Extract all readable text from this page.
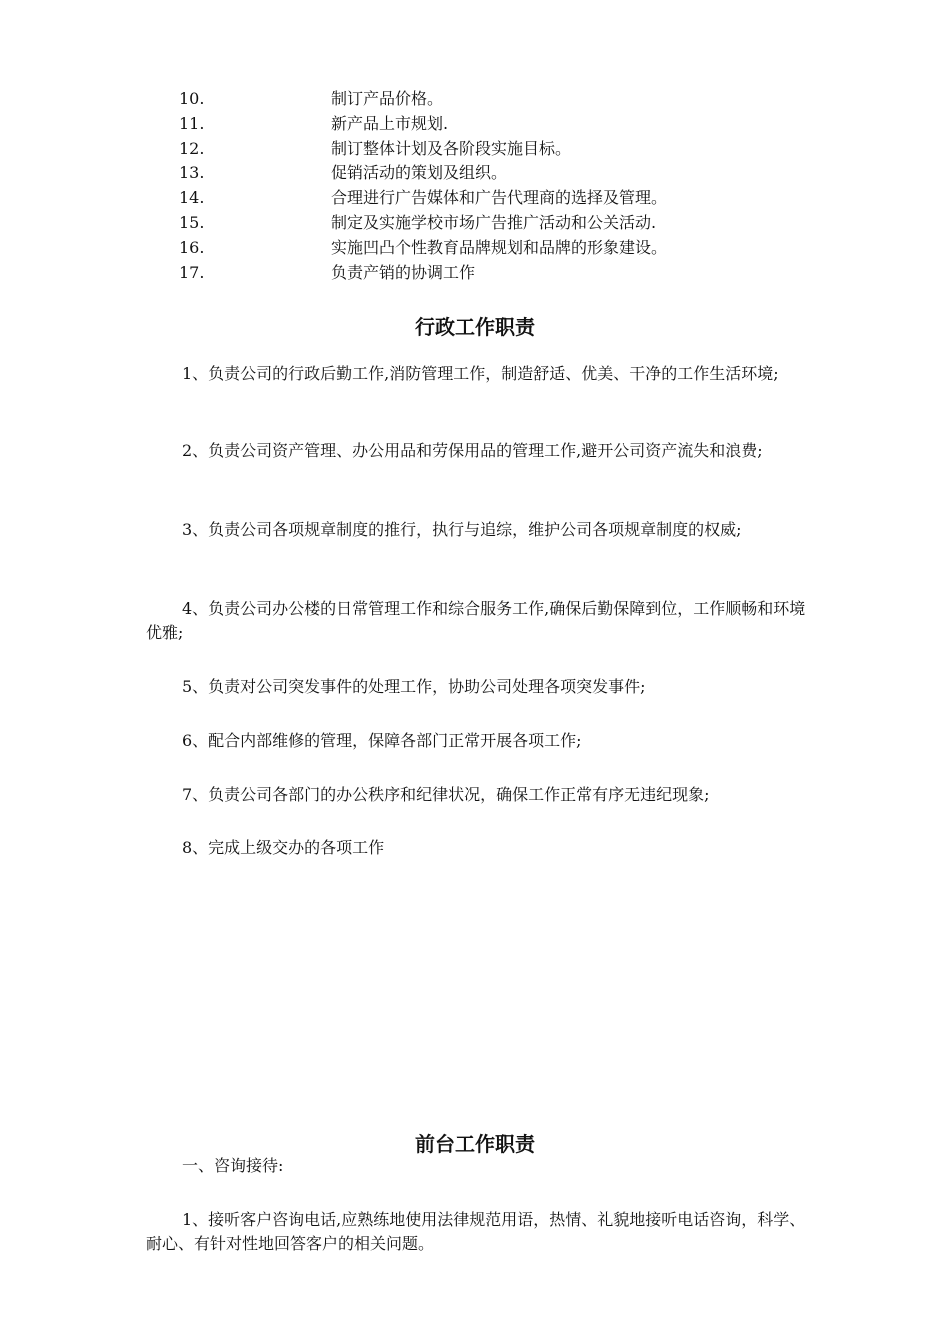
10.	制订产品价格。
11.	新产品上市规划.
12.	制订整体计划及各阶段实施目标。
13.	促销活动的策划及组织。
14.	合理进行广告媒体和广告代理商的选择及管理。
15.	制定及实施学校市场广告推广活动和公关活动.
16.	实施凹凸个性教育品牌规划和品牌的形象建设。
17.	负责产销的协调工作
行政工作职责

1、负责公司的行政后勤工作,消防管理工作，制造舒适、优美、干净的工作生活环境;

2、负责公司资产管理、办公用品和劳保用品的管理工作,避开公司资产流失和浪费;

3、负责公司各项规章制度的推行，执行与追综，维护公司各项规章制度的权威;

4、负责公司办公楼的日常管理工作和综合服务工作,确保后勤保障到位，工作顺畅和环境优雅;

5、负责对公司突发事件的处理工作，协助公司处理各项突发事件;

6、配合内部维修的管理，保障各部门正常开展各项工作;

7、负责公司各部门的办公秩序和纪律状况，确保工作正常有序无违纪现象;

8、完成上级交办的各项工作

前台工作职责

一、咨询接待:

1、接听客户咨询电话,应熟练地使用法律规范用语，热情、礼貌地接听电话咨询，科学、耐心、有针对性地回答客户的相关问题。
